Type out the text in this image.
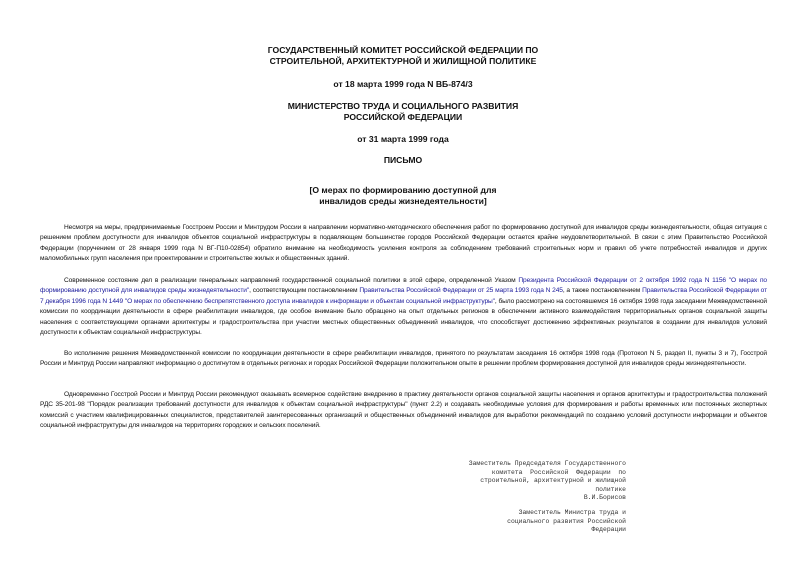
ГОСУДАРСТВЕННЫЙ КОМИТЕТ РОССИЙСКОЙ ФЕДЕРАЦИИ ПО

СТРОИТЕЛЬНОЙ, АРХИТЕКТУРНОЙ И ЖИЛИЩНОЙ ПОЛИТИКЕ

от 18 марта 1999 года N ВБ-874/3

МИНИСТЕРСТВО ТРУДА И СОЦИАЛЬНОГО РАЗВИТИЯ

РОССИЙСКОЙ ФЕДЕРАЦИИ

от 31 марта 1999 года

ПИСЬМО

[О мерах по формированию доступной для

инвалидов среды жизнедеятельности]

Несмотря на меры, предпринимаемые Госстроем России и Минтрудом России в направлении нормативно-методического обеспечения работ по формированию доступной для инвалидов среды жизнедеятельности, общая ситуация с решением проблем доступности для инвалидов объектов социальной инфраструктуры в подавляющем большинстве городов Российской Федерации остается крайне неудовлетворительной. В связи с этим Правительство Российской Федерации (поручением от 28 января 1999 года N ВГ-П10-02854) обратило внимание на необходимость усиления контроля за соблюдением требований строительных норм и правил об учете потребностей инвалидов и других маломобильных групп населения при проектировании и строительстве жилых и общественных зданий.

Современное состояние дел в реализации генеральных направлений государственной социальной политики в этой сфере, определенной Указом Президента Российской Федерации от 2 октября 1992 года N 1156 "О мерах по формированию доступной для инвалидов среды жизнедеятельности", соответствующим постановлением Правительства Российской Федерации от 25 марта 1993 года N 245, а также постановлением Правительства Российской Федерации от 7 декабря 1996 года N 1449 "О мерах по обеспечению беспрепятственного доступа инвалидов к информации и объектам социальной инфраструктуры", было рассмотрено на состоявшемся 16 октября 1998 года заседании Межведомственной комиссии по координации деятельности в сфере реабилитации инвалидов, где особое внимание было обращено на опыт отдельных регионов в обеспечении активного взаимодействия территориальных органов социальной защиты населения с соответствующими органами архитектуры и градостроительства при участии местных общественных объединений инвалидов, что способствует достижению эффективных результатов в создании для инвалидов условий доступности к объектам социальной инфраструктуры.

Во исполнение решения Межведомственной комиссии по координации деятельности в сфере реабилитации инвалидов, принятого по результатам заседания 16 октября 1998 года (Протокол N 5, раздел II, пункты 3 и 7), Госстрой России и Минтруд России направляют информацию о достигнутом в отдельных регионах и городах Российской Федерации положительном опыте в решении проблем формирования доступной для инвалидов среды жизнедеятельности.

Одновременно Госстрой России и Минтруд России рекомендуют оказывать всемерное содействие внедрению в практику деятельности органов социальной защиты населения и органов архитектуры и градостроительства положений РДС 35-201-98 "Порядок реализации требований доступности для инвалидов к объектам социальной инфраструктуры" (пункт 2.2) и создавать необходимые условия для формирования и работы временных или постоянных экспертных комиссий с участием квалифицированных специалистов, представителей заинтересованных организаций и общественных объединений инвалидов для выработки рекомендаций по созданию условий доступности информации и объектов социальной инфраструктуры для инвалидов на территориях городских и сельских поселений.

Заместитель Председателя Государственного
комитета  Российской  Федерации  по
строительной, архитектурной и жилищной
политике
В.И.Борисов

Заместитель Министра труда и
социального развития Российской
Федерации
